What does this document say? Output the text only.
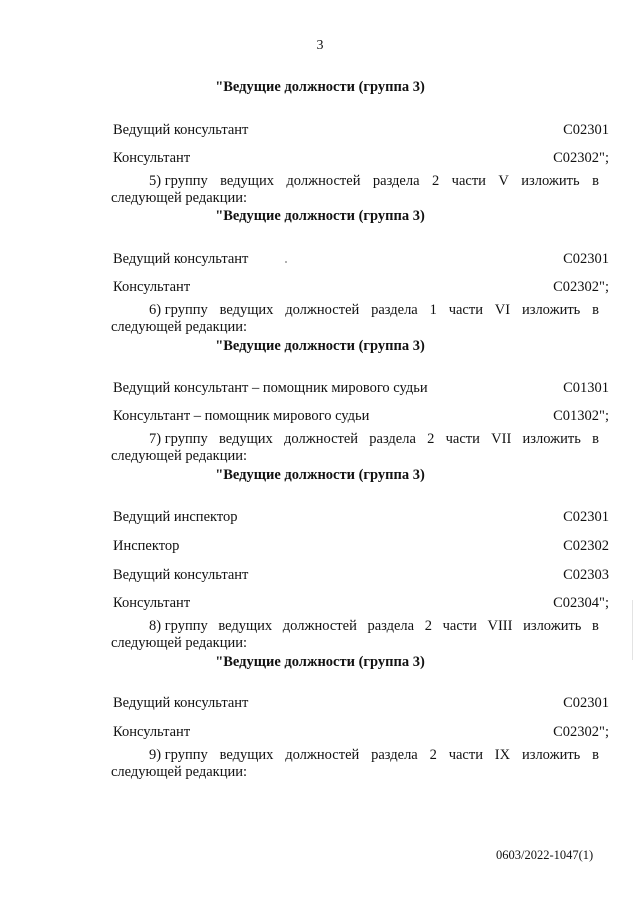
3
"Ведущие должности (группа 3)
Ведущий консультант	С02301
Консультант	С02302";
5) группу ведущих должностей раздела 2 части V изложить в
следующей редакции:
"Ведущие должности (группа 3)
Ведущий консультант	С02301
Консультант	С02302";
6) группу ведущих должностей раздела 1 части VI изложить в
следующей редакции:
"Ведущие должности (группа 3)
Ведущий консультант – помощник мирового судьи	С01301
Консультант – помощник мирового судьи	С01302";
7) группу ведущих должностей раздела 2 части VII изложить в
следующей редакции:
"Ведущие должности (группа 3)
Ведущий инспектор	С02301
Инспектор	С02302
Ведущий консультант	С02303
Консультант	С02304";
8) группу ведущих должностей раздела 2 части VIII изложить в
следующей редакции:
"Ведущие должности (группа 3)
Ведущий консультант	С02301
Консультант	С02302";
9) группу ведущих должностей раздела 2 части IX изложить в
следующей редакции:
0603/2022-1047(1)
